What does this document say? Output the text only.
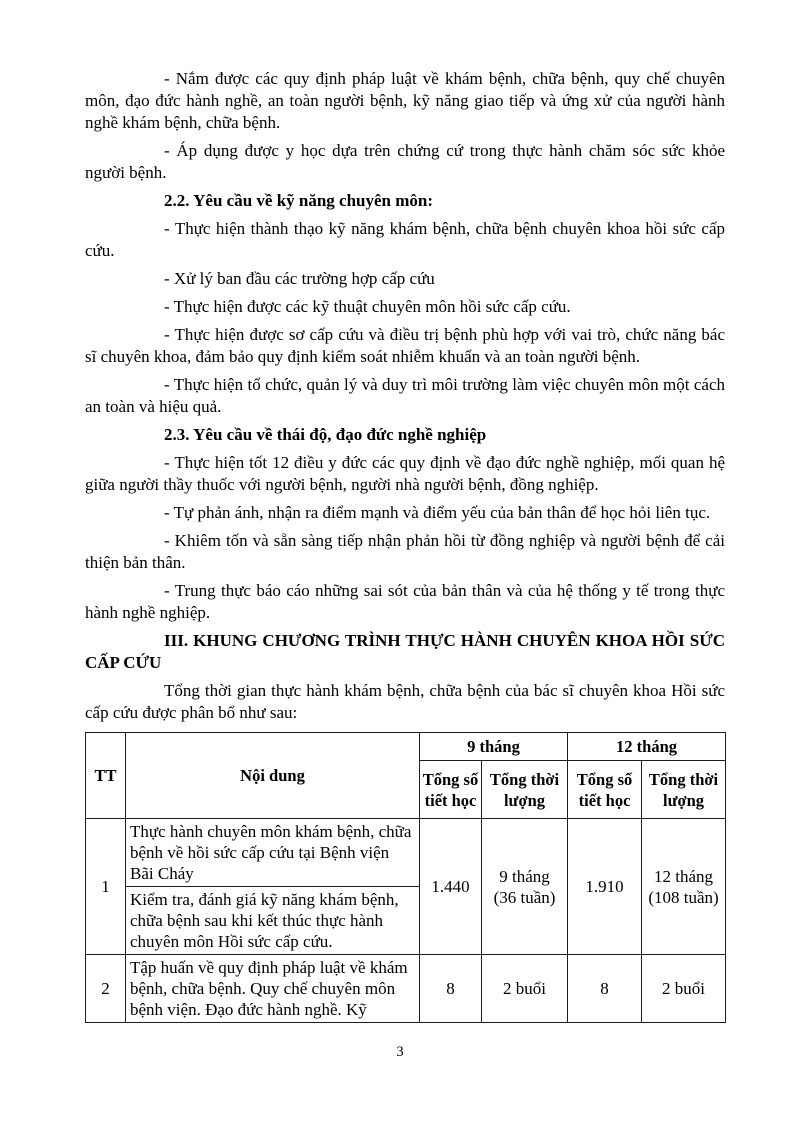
- Nắm được các quy định pháp luật về khám bệnh, chữa bệnh, quy chế chuyên môn, đạo đức hành nghề, an toàn người bệnh, kỹ năng giao tiếp và ứng xử của người hành nghề khám bệnh, chữa bệnh.

- Áp dụng được y học dựa trên chứng cứ trong thực hành chăm sóc sức khỏe người bệnh.

2.2. Yêu cầu về kỹ năng chuyên môn:

- Thực hiện thành thạo kỹ năng khám bệnh, chữa bệnh chuyên khoa hồi sức cấp cứu.

- Xử lý ban đầu các trường hợp cấp cứu

- Thực hiện được các kỹ thuật chuyên môn hồi sức cấp cứu.

- Thực hiện được sơ cấp cứu và điều trị bệnh phù hợp với vai trò, chức năng bác sĩ chuyên khoa, đảm bảo quy định kiểm soát nhiễm khuẩn và an toàn người bệnh.

- Thực hiện tổ chức, quản lý và duy trì môi trường làm việc chuyên môn một cách an toàn và hiệu quả.

2.3. Yêu cầu về thái độ, đạo đức nghề nghiệp

- Thực hiện tốt 12 điều y đức các quy định về đạo đức nghề nghiệp, mối quan hệ giữa người thầy thuốc với người bệnh, người nhà người bệnh, đồng nghiệp.

- Tự phản ánh, nhận ra điểm mạnh và điểm yếu của bản thân để học hỏi liên tục.

- Khiêm tốn và sẵn sàng tiếp nhận phản hồi từ đồng nghiệp và người bệnh để cải thiện bản thân.

- Trung thực báo cáo những sai sót của bản thân và của hệ thống y tế trong thực hành nghề nghiệp.

III. KHUNG CHƯƠNG TRÌNH THỰC HÀNH CHUYÊN KHOA HỒI SỨC CẤP CỨU

Tổng thời gian thực hành khám bệnh, chữa bệnh của bác sĩ chuyên khoa Hồi sức cấp cứu được phân bổ như sau:

TT	Nội dung	9 tháng		12 tháng	
		Tổng số tiết học	Tổng thời lượng	Tổng số tiết học	Tổng thời lượng
1	Thực hành chuyên môn khám bệnh, chữa bệnh về hồi sức cấp cứu tại Bệnh viện Bãi Cháy	1.440	9 tháng (36 tuần)	1.910	12 tháng (108 tuần)
	Kiểm tra, đánh giá kỹ năng khám bệnh, chữa bệnh sau khi kết thúc thực hành chuyên môn Hồi sức cấp cứu.				
2	Tập huấn về quy định pháp luật về khám bệnh, chữa bệnh. Quy chế chuyên môn bệnh viện. Đạo đức hành nghề. Kỹ	8	2 buổi	8	2 buổi
3
